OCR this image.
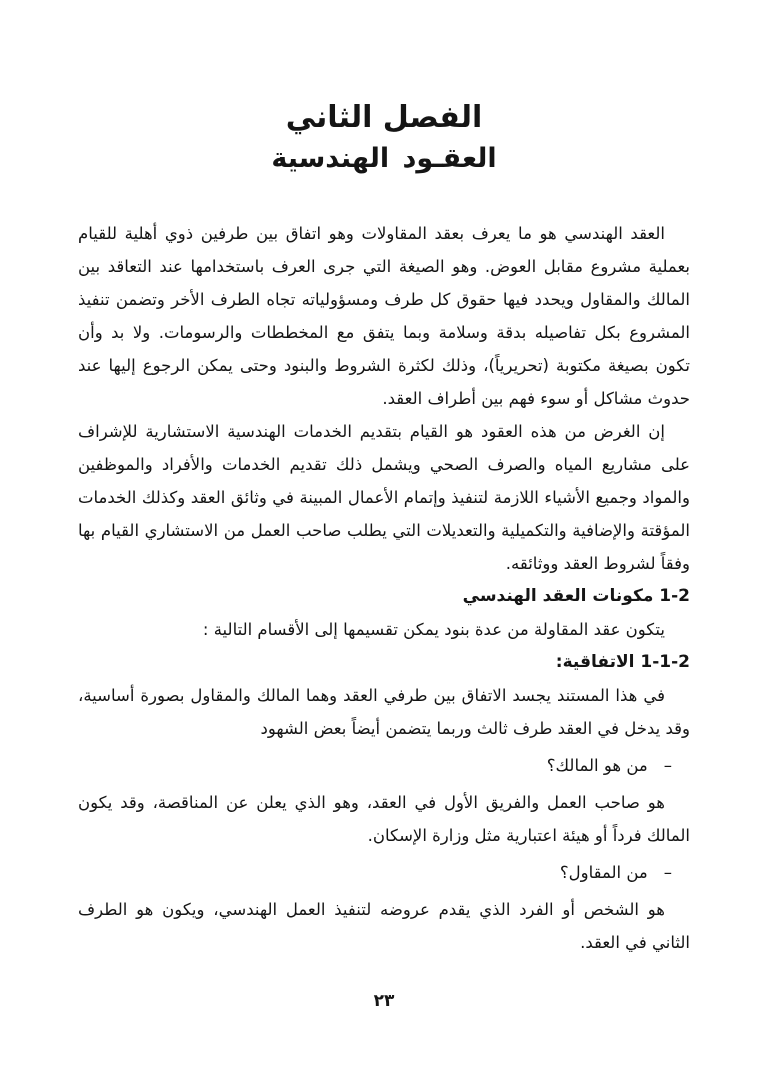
الفصل الثاني
العقـود الهندسية
العقد الهندسي هو ما يعرف بعقد المقاولات وهو اتفاق بين طرفين ذوي أهلية للقيام بعملية مشروع مقابل العوض. وهو الصيغة التي جرى العرف باستخدامها عند التعاقد بين المالك والمقاول ويحدد فيها حقوق كل طرف ومسؤولياته تجاه الطرف الأخر وتضمن تنفيذ المشروع بكل تفاصيله بدقة وسلامة وبما يتفق مع المخططات والرسومات. ولا بد وأن تكون بصيغة مكتوبة (تحريرياً)، وذلك لكثرة الشروط والبنود وحتى يمكن الرجوع إليها عند حدوث مشاكل أو سوء فهم بين أطراف العقد.
إن الغرض من هذه العقود هو القيام بتقديم الخدمات الهندسية الاستشارية للإشراف على مشاريع المياه والصرف الصحي ويشمل ذلك تقديم الخدمات والأفراد والموظفين والمواد وجميع الأشياء اللازمة لتنفيذ وإتمام الأعمال المبينة في وثائق العقد وكذلك الخدمات المؤقتة والإضافية والتكميلية والتعديلات التي يطلب صاحب العمل من الاستشاري القيام بها وفقاً لشروط العقد ووثائقه.
1-2 مكونات العقد الهندسي
يتكون عقد المقاولة من عدة بنود يمكن تقسيمها إلى الأقسام التالية :
1-1-2 الاتفاقية:
في هذا المستند يجسد الاتفاق بين طرفي العقد وهما المالك والمقاول بصورة أساسية، وقد يدخل في العقد طرف ثالث وربما يتضمن أيضاً بعض الشهود
–
من هو المالك؟
هو صاحب العمل والفريق الأول في العقد، وهو الذي يعلن عن المناقصة، وقد يكون المالك فرداً أو هيئة اعتبارية مثل وزارة الإسكان.
–
من المقاول؟
هو الشخص أو الفرد الذي يقدم عروضه لتنفيذ العمل الهندسي، ويكون هو الطرف الثاني في العقد.
٢٣
